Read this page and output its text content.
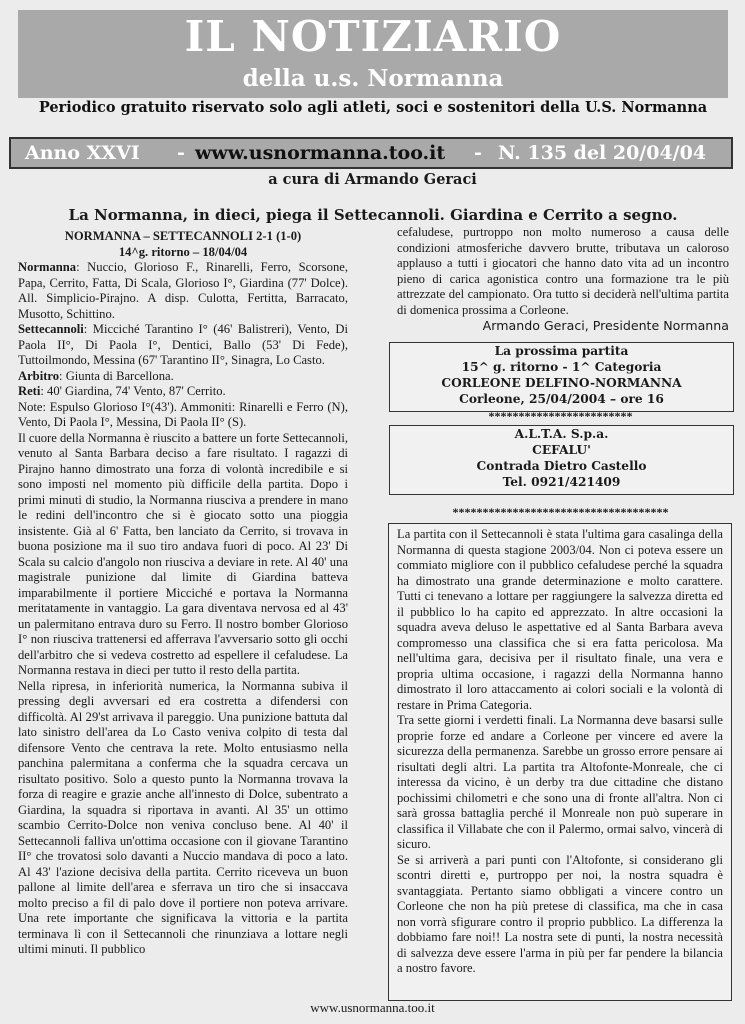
IL NOTIZIARIO
della u.s. Normanna
Periodico gratuito riservato solo agli atleti, soci e sostenitori della U.S. Normanna
Anno XXVI - www.usnormanna.too.it - N. 135 del 20/04/04
a cura di Armando Geraci
La Normanna, in dieci, piega il Settecannoli. Giardina e Cerrito a segno.

NORMANNA – SETTECANNOLI 2-1 (1-0)

14^g. ritorno – 18/04/04

Normanna: Nuccio, Glorioso F., Rinarelli, Ferro, Scorsone, Papa, Cerrito, Fatta, Di Scala, Glorioso I°, Giardina (77' Dolce). All. Simplicio-Pirajno. A disp. Culotta, Fertitta, Barracato, Musotto, Schittino.

Settecannoli: Micciché Tarantino I° (46' Balistreri), Vento, Di Paola II°, Di Paola I°, Dentici, Ballo (53' Di Fede), Tuttoilmondo, Messina (67' Tarantino II°, Sinagra, Lo Casto.

Arbitro: Giunta di Barcellona.

Reti: 40' Giardina, 74' Vento, 87' Cerrito.

Note: Espulso Glorioso I°(43'). Ammoniti: Rinarelli e Ferro (N), Vento, Di Paola I°, Messina, Di Paola II° (S).

Il cuore della Normanna è riuscito a battere un forte Settecannoli, venuto al Santa Barbara deciso a fare risultato. I ragazzi di Pirajno hanno dimostrato una forza di volontà incredibile e si sono imposti nel momento più difficile della partita. Dopo i primi minuti di studio, la Normanna riusciva a prendere in mano le redini dell'incontro che si è giocato sotto una pioggia insistente. Già al 6' Fatta, ben lanciato da Cerrito, si trovava in buona posizione ma il suo tiro andava fuori di poco. Al 23' Di Scala su calcio d'angolo non riusciva a deviare in rete. Al 40' una magistrale punizione dal limite di Giardina batteva imparabilmente il portiere Micciché e portava la Normanna meritatamente in vantaggio. La gara diventava nervosa ed al 43' un palermitano entrava duro su Ferro. Il nostro bomber Glorioso I° non riusciva trattenersi ed afferrava l'avversario sotto gli occhi dell'arbitro che si vedeva costretto ad espellere il cefaludese. La Normanna restava in dieci per tutto il resto della partita.

Nella ripresa, in inferiorità numerica, la Normanna subiva il pressing degli avversari ed era costretta a difendersi con difficoltà. Al 29'st arrivava il pareggio. Una punizione battuta dal lato sinistro dell'area da Lo Casto veniva colpito di testa dal difensore Vento che centrava la rete. Molto entusiasmo nella panchina palermitana a conferma che la squadra cercava un risultato positivo. Solo a questo punto la Normanna trovava la forza di reagire e grazie anche all'innesto di Dolce, subentrato a Giardina, la squadra si riportava in avanti. Al 35' un ottimo scambio Cerrito-Dolce non veniva concluso bene. Al 40' il Settecannoli falliva un'ottima occasione con il giovane Tarantino II° che trovatosi solo davanti a Nuccio mandava di poco a lato. Al 43' l'azione decisiva della partita. Cerrito riceveva un buon pallone al limite dell'area e sferrava un tiro che si insaccava molto preciso a fil di palo dove il portiere non poteva arrivare. Una rete importante che significava la vittoria e la partita terminava lì con il Settecannoli che rinunziava a lottare negli ultimi minuti. Il pubblico

cefaludese, purtroppo non molto numeroso a causa delle condizioni atmosferiche davvero brutte, tributava un caloroso applauso a tutti i giocatori che hanno dato vita ad un incontro pieno di carica agonistica contro una formazione tra le più attrezzate del campionato. Ora tutto si deciderà nell'ultima partita di domenica prossima a Corleone.

Armando Geraci, Presidente Normanna

La prossima partita
15^ g. ritorno - 1^ Categoria
CORLEONE DELFINO-NORMANNA
Corleone, 25/04/2004 – ore 16
************************
A.L.T.A. S.p.a.
CEFALU'
Contrada Dietro Castello
Tel. 0921/421409
************************************

La partita con il Settecannoli è stata l'ultima gara casalinga della Normanna di questa stagione 2003/04. Non ci poteva essere un commiato migliore con il pubblico cefaludese perché la squadra ha dimostrato una grande determinazione e molto carattere. Tutti ci tenevano a lottare per raggiungere la salvezza diretta ed il pubblico lo ha capito ed apprezzato. In altre occasioni la squadra aveva deluso le aspettative ed al Santa Barbara aveva compromesso una classifica che si era fatta pericolosa. Ma nell'ultima gara, decisiva per il risultato finale, una vera e propria ultima occasione, i ragazzi della Normanna hanno dimostrato il loro attaccamento ai colori sociali e la volontà di restare in Prima Categoria.

Tra sette giorni i verdetti finali. La Normanna deve basarsi sulle proprie forze ed andare a Corleone per vincere ed avere la sicurezza della permanenza. Sarebbe un grosso errore pensare ai risultati degli altri. La partita tra Altofonte-Monreale, che ci interessa da vicino, è un derby tra due cittadine che distano pochissimi chilometri e che sono una di fronte all'altra. Non ci sarà grossa battaglia perché il Monreale non può superare in classifica il Villabate che con il Palermo, ormai salvo, vincerà di sicuro.

Se si arriverà a pari punti con l'Altofonte, si considerano gli scontri diretti e, purtroppo per noi, la nostra squadra è svantaggiata. Pertanto siamo obbligati a vincere contro un Corleone che non ha più pretese di classifica, ma che in casa non vorrà sfigurare contro il proprio pubblico. La differenza la dobbiamo fare noi!! La nostra sete di punti, la nostra necessità di salvezza deve essere l'arma in più per far pendere la bilancia a nostro favore.

www.usnormanna.too.it
